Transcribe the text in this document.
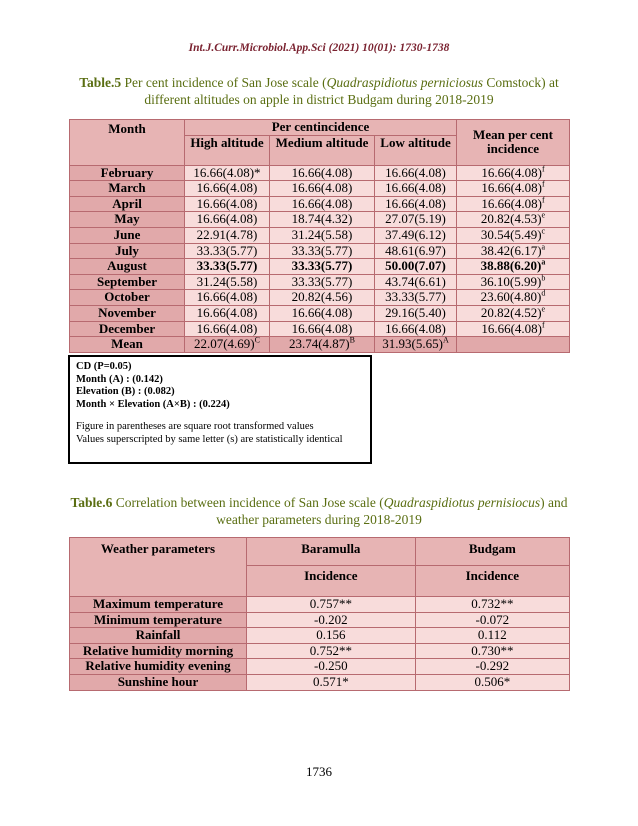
Int.J.Curr.Microbiol.App.Sci (2021) 10(01): 1730-1738
Table.5 Per cent incidence of San Jose scale (Quadraspidiotus perniciosus Comstock) at different altitudes on apple in district Budgam during 2018-2019
Month	Per centincidence			Mean per cent incidence
	High altitude	Medium altitude	Low altitude	
February	16.66(4.08)*	16.66(4.08)	16.66(4.08)	$16.66(4.08)^f$
March	16.66(4.08)	16.66(4.08)	16.66(4.08)	$16.66(4.08)^f$
April	16.66(4.08)	16.66(4.08)	16.66(4.08)	$16.66(4.08)^f$
May	16.66(4.08)	18.74(4.32)	27.07(5.19)	$20.82(4.53)^e$
June	22.91(4.78)	31.24(5.58)	37.49(6.12)	$30.54(5.49)^c$
July	33.33(5.77)	33.33(5.77)	48.61(6.97)	$38.42(6.17)^a$
August	33.33(5.77)	33.33(5.77)	50.00(7.07)	$38.88(6.20)^a$
September	31.24(5.58)	33.33(5.77)	43.74(6.61)	$36.10(5.99)^b$
October	16.66(4.08)	20.82(4.56)	33.33(5.77)	$23.60(4.80)^d$
November	16.66(4.08)	16.66(4.08)	29.16(5.40)	$20.82(4.52)^e$
December	16.66(4.08)	16.66(4.08)	16.66(4.08)	$16.66(4.08)^f$
Mean	$22.07(4.69)^C$	$23.74(4.87)^B$	$31.93(5.65)^A$	
CD (P=0.05)
Month (A) : (0.142)
Elevation (B) : (0.082)
Month × Elevation (A×B) : (0.224)
Figure in parentheses are square root transformed values
Values superscripted by same letter (s) are statistically identical
Table.6 Correlation between incidence of San Jose scale (Quadraspidiotus pernisiocus) and weather parameters during 2018-2019
Weather parameters	Baramulla	Budgam
	Incidence	Incidence
Maximum temperature	0.757**	0.732**
Minimum temperature	-0.202	-0.072
Rainfall	0.156	0.112
Relative humidity morning	0.752**	0.730**
Relative humidity evening	-0.250	-0.292
Sunshine hour	0.571*	0.506*
1736
